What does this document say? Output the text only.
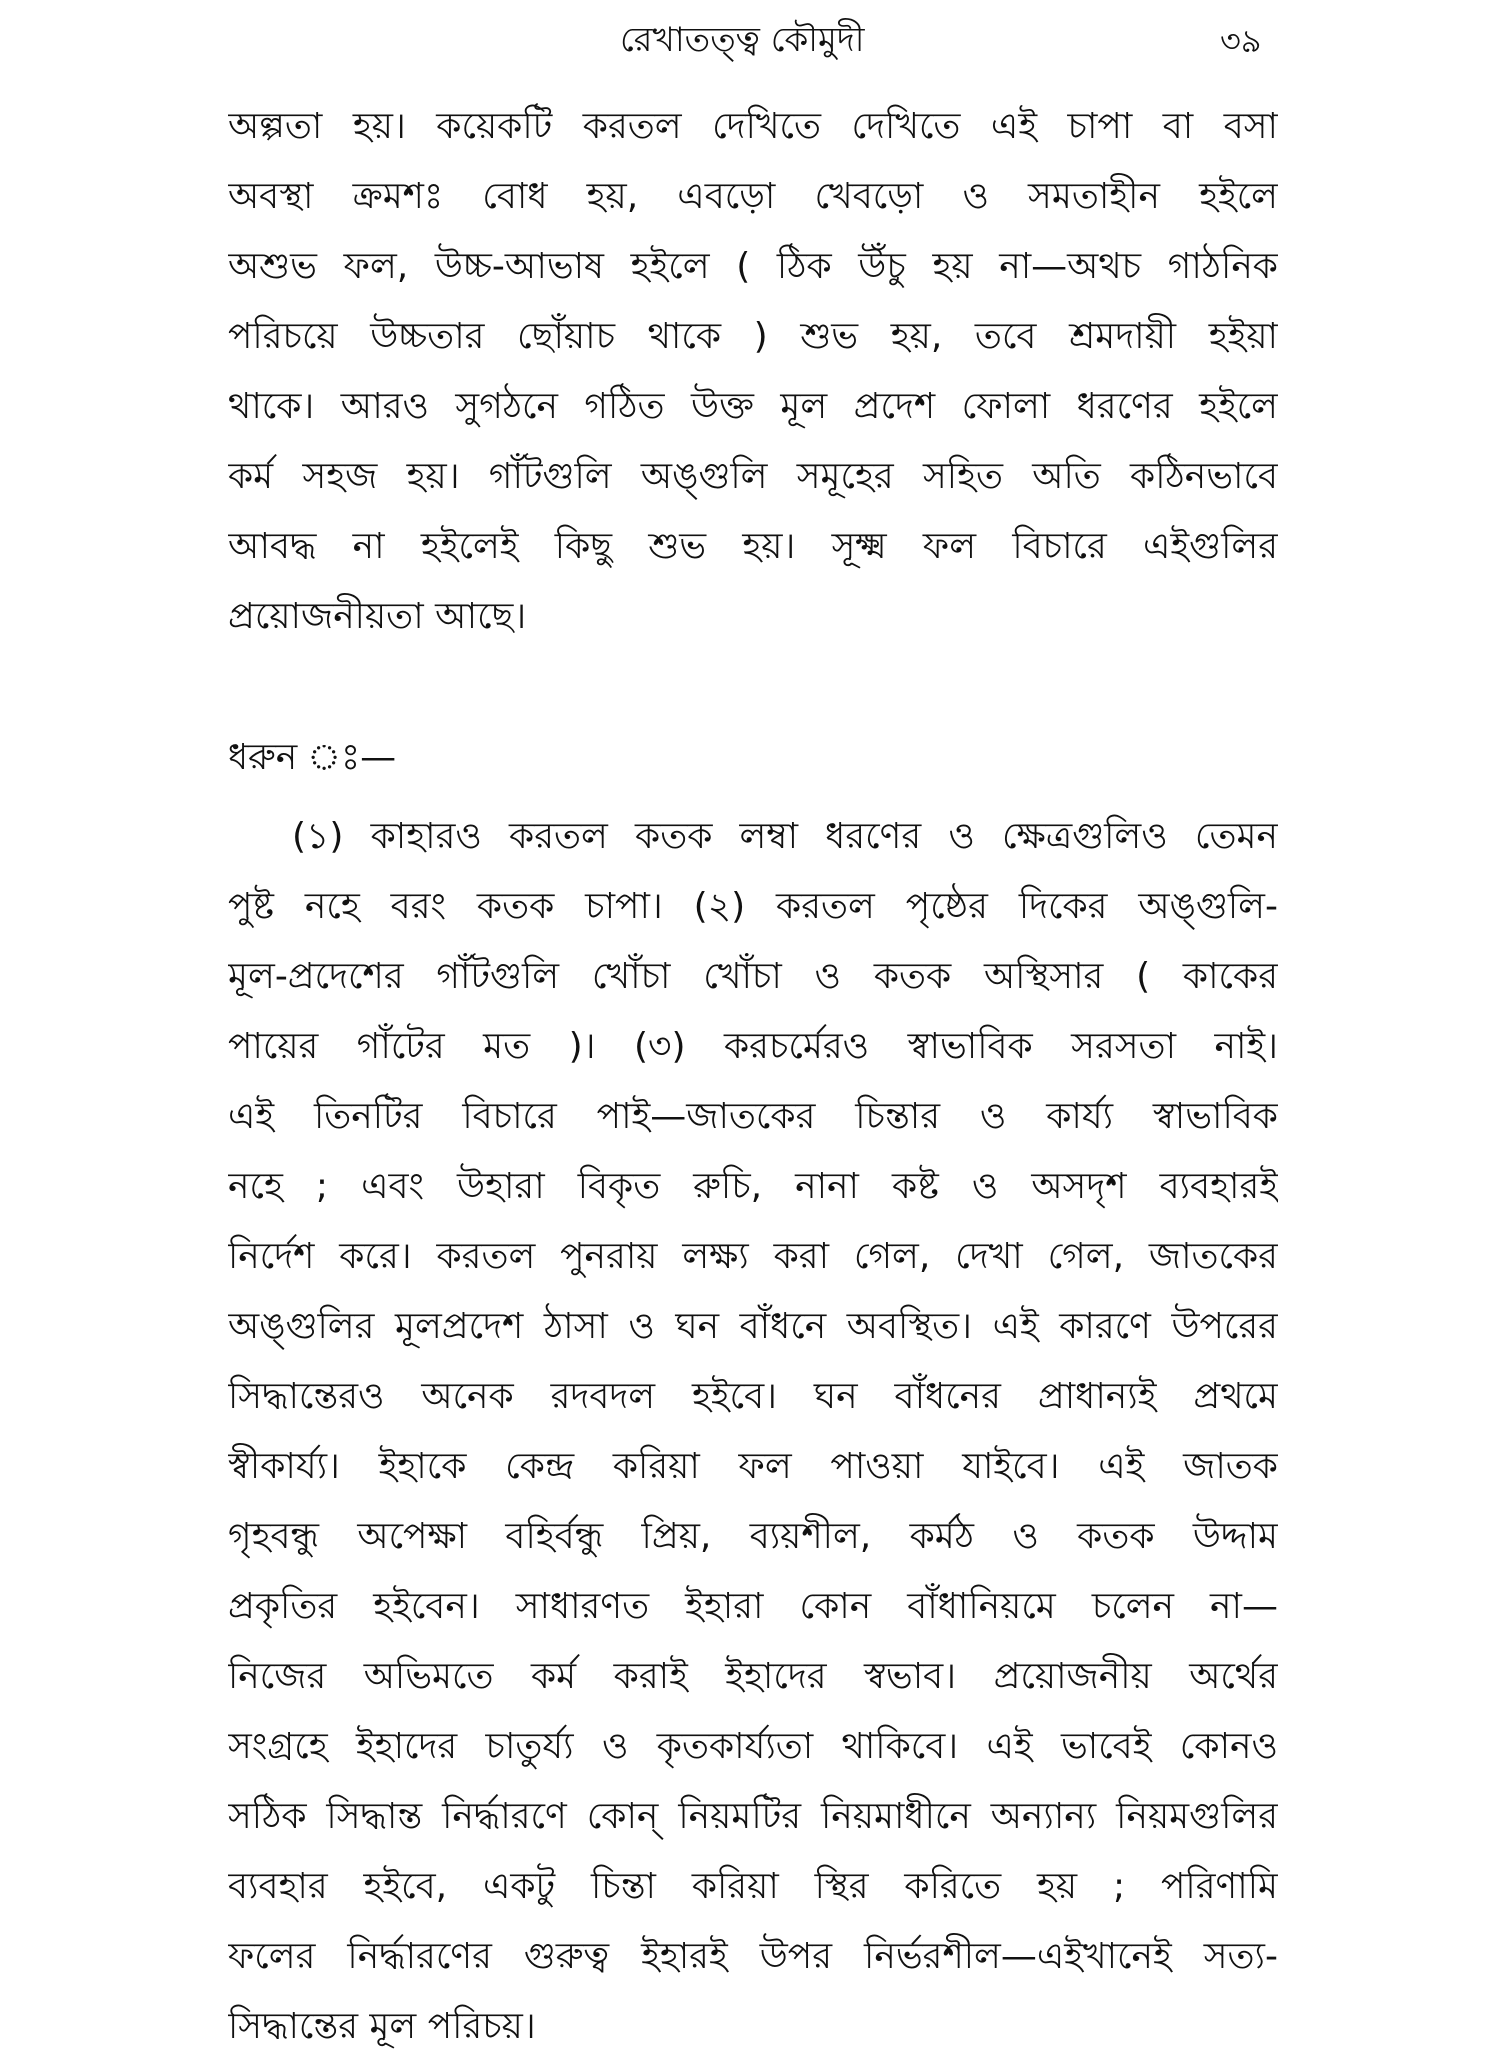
রেখাতত্ত্ব কৌমুদী	৩৯
অল্পতা হয়। কয়েকটি করতল দেখিতে দেখিতে এই চাপা বা বসা
অবস্থা ক্রমশঃ বোধ হয়, এবড়ো খেবড়ো ও সমতাহীন হইলে
অশুভ ফল, উচ্চ-আভাষ হইলে ( ঠিক উঁচু হয় না—অথচ গাঠনিক
পরিচয়ে উচ্চতার ছোঁয়াচ থাকে ) শুভ হয়, তবে শ্রমদায়ী হইয়া
থাকে। আরও সুগঠনে গঠিত উক্ত মূল প্রদেশ ফোলা ধরণের হইলে
কর্ম সহজ হয়। গাঁটগুলি অঙ্গুলি সমূহের সহিত অতি কঠিনভাবে
আবদ্ধ না হইলেই কিছু শুভ হয়। সূক্ষ্ম ফল বিচারে এইগুলির
প্রয়োজনীয়তা আছে।
ধরুন ঃ—
(১) কাহারও করতল কতক লম্বা ধরণের ও ক্ষেত্রগুলিও তেমন
পুষ্ট নহে বরং কতক চাপা। (২) করতল পৃষ্ঠের দিকের অঙ্গুলি-
মূল-প্রদেশের গাঁটগুলি খোঁচা খোঁচা ও কতক অস্থিসার ( কাকের
পায়ের গাঁটের মত )। (৩) করচর্মেরও স্বাভাবিক সরসতা নাই।
এই তিনটির বিচারে পাই—জাতকের চিন্তার ও কার্য্য স্বাভাবিক
নহে ; এবং উহারা বিকৃত রুচি, নানা কষ্ট ও অসদৃশ ব্যবহারই
নির্দেশ করে। করতল পুনরায় লক্ষ্য করা গেল, দেখা গেল, জাতকের
অঙ্গুলির মূলপ্রদেশ ঠাসা ও ঘন বাঁধনে অবস্থিত। এই কারণে উপরের
সিদ্ধান্তেরও অনেক রদবদল হইবে। ঘন বাঁধনের প্রাধান্যই প্রথমে
স্বীকার্য্য। ইহাকে কেন্দ্র করিয়া ফল পাওয়া যাইবে। এই জাতক
গৃহবন্ধু অপেক্ষা বহির্বন্ধু প্রিয়, ব্যয়শীল, কর্মঠ ও কতক উদ্দাম
প্রকৃতির হইবেন। সাধারণত ইহারা কোন বাঁধানিয়মে চলেন না—
নিজের অভিমতে কর্ম করাই ইহাদের স্বভাব। প্রয়োজনীয় অর্থের
সংগ্রহে ইহাদের চাতুর্য্য ও কৃতকার্য্যতা থাকিবে। এই ভাবেই কোনও
সঠিক সিদ্ধান্ত নির্দ্ধারণে কোন্ নিয়মটির নিয়মাধীনে অন্যান্য নিয়মগুলির
ব্যবহার হইবে, একটু চিন্তা করিয়া স্থির করিতে হয় ; পরিণামি
ফলের নির্দ্ধারণের গুরুত্ব ইহারই উপর নির্ভরশীল—এইখানেই সত্য-
সিদ্ধান্তের মূল পরিচয়।
